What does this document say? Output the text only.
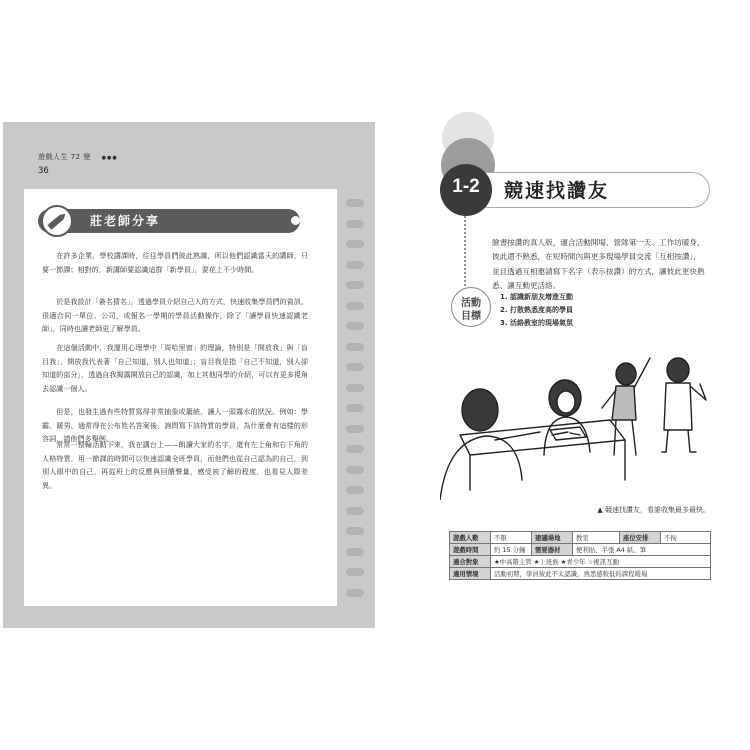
遊戲人生 72 變 ●●●
36
莊老師分享

在許多企業、學校講課時，往往學員們彼此熟識，所以他們認識當天的講師，只要一節課；相對的，新講師要認識這群「新學員」，要花上不少時間。

於是我設計「簽名猜名」，透過學員介紹自己人的方式，快速收集學員們的資訊，很適合同一單位、公司，或報名一學期的學員活動操作，除了「讓學員快速認識老師」，同時也讓老師更了解學員。

在這個活動中，我運用心理學中「周哈里窗」的理論，特別是「開放我」與「盲目我」，開放我代表著「自己知道，別人也知道」；盲目我是指「自己不知道，別人卻知道的部分」，透過自我揭露開放自己的認識，加上其他同學的介紹，可以有更多視角去認識一個人。

但是，也發生過有些特質寫得非常抽象或籠統，讓人一頭霧水的狀況。例如：學霸、暖男，通常得在公布姓名答案後，詢問寫下該特質的學員，為什麼會有這樣的形容詞，請他們多舉例。

常常一整輪活動下來，我在講台上——朗讀大家的名字，還有左上角和右下角的人格特質，用一節課的時間可以快速認識全班學員，而他們也從自己認為的自己，到別人眼中的自己，再從班上的反應與回饋聲量，感受被了解的程度，也看見人際差異。

1-2	競速找讚友

臉書按讚的真人版，適合活動開場、營隊第一天、工作坊暖身，彼此還不熟悉，在短時間內與更多現場學員交流「互相按讚」，並且透過互相邀請寫下名字（表示按讚）的方式，讓彼此更快熟悉、讓互動更活絡。

活動
目標
1. 認識新朋友增進互動
2. 打散熟悉度高的學員
3. 活絡教室的現場氣氛
▲ 競速找讚友，看誰收集最多最快。
遊戲人數	不限	建議場地	教室	座位安排	不拘
遊戲時間	約 15 分鐘	需要器材	便利貼、半張 A4 紙、筆		
適合對象	★中高階主管 ★上班族 ★青少年 ☆視訊互動				
適用情境	活動初期，學員彼此不太認識，熟悉感較低的課程暖場				
